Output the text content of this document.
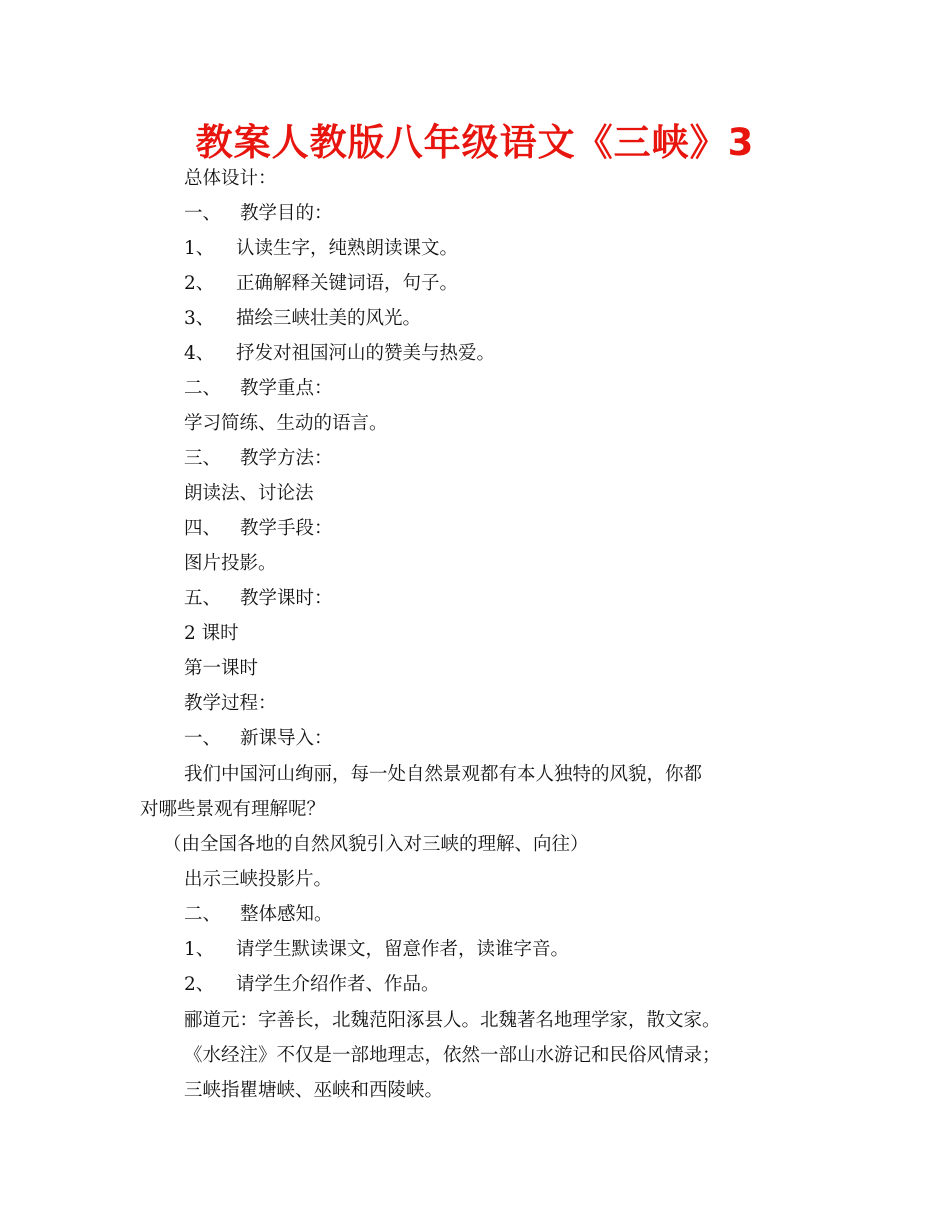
教案人教版八年级语文《三峡》3
总体设计：
一、 教学目的：
1、 认读生字，纯熟朗读课文。
2、 正确解释关键词语，句子。
3、 描绘三峡壮美的风光。
4、 抒发对祖国河山的赞美与热爱。
二、 教学重点：
学习简练、生动的语言。
三、 教学方法：
朗读法、讨论法
四、 教学手段：
图片投影。
五、 教学课时：
2 课时
第一课时
教学过程：
一、 新课导入：
我们中国河山绚丽，每一处自然景观都有本人独特的风貌，你都
对哪些景观有理解呢？
（由全国各地的自然风貌引入对三峡的理解、向往）
出示三峡投影片。
二、 整体感知。
1、 请学生默读课文，留意作者，读谁字音。
2、 请学生介绍作者、作品。
郦道元：字善长，北魏范阳涿县人。北魏著名地理学家，散文家。
《水经注》不仅是一部地理志，依然一部山水游记和民俗风情录；
三峡指瞿塘峡、巫峡和西陵峡。
